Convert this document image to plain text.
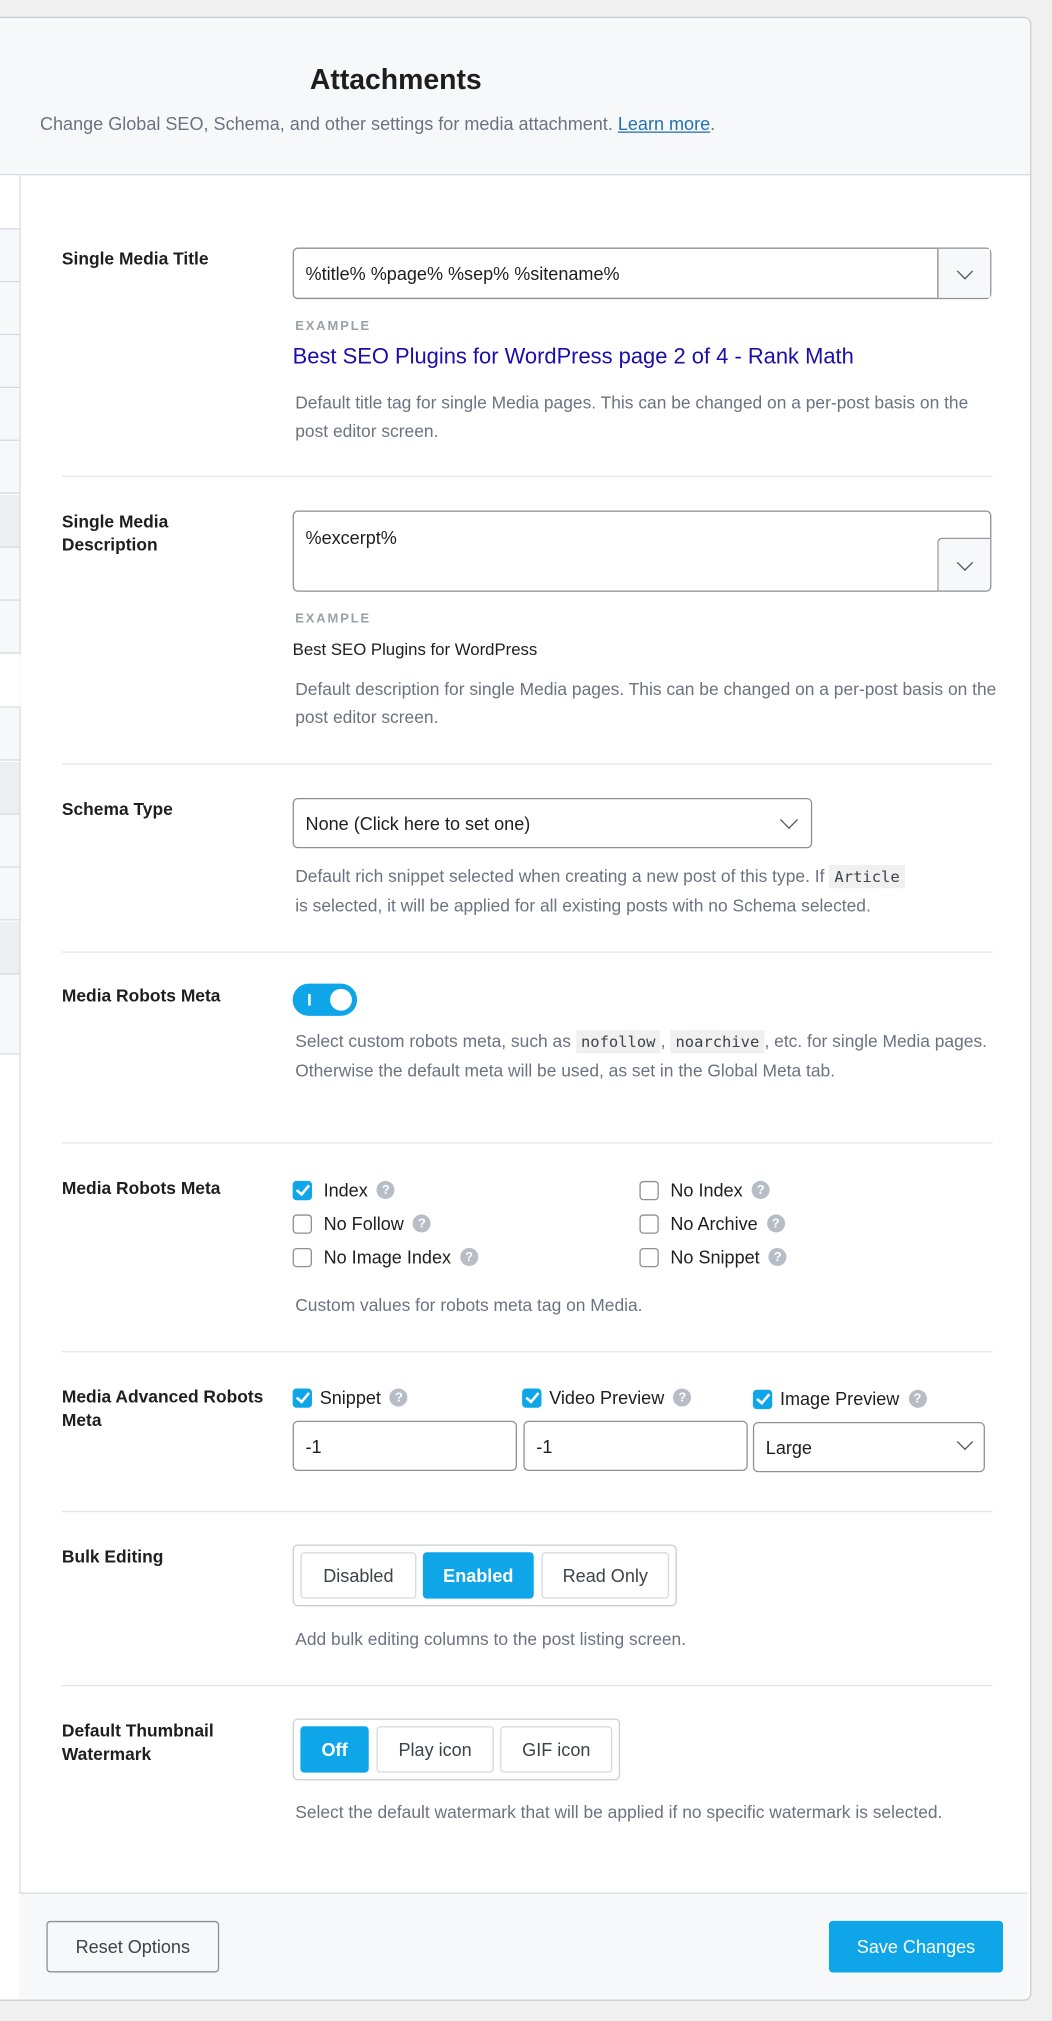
Attachments
Change Global SEO, Schema, and other settings for media attachment. Learn more.
Single Media Title
%title% %page% %sep% %sitename%
EXAMPLE
Best SEO Plugins for WordPress page 2 of 4 - Rank Math
Default title tag for single Media pages. This can be changed on a per-post basis on the post editor screen.
Single Media Description	%excerpt%
EXAMPLE
Best SEO Plugins for WordPress
Default description for single Media pages. This can be changed on a per-post basis on the post editor screen.
Schema Type
None (Click here to set one)
Default rich snippet selected when creating a new post of this type. If Article
is selected, it will be applied for all existing posts with no Schema selected.
Media Robots Meta
Select custom robots meta, such as nofollow , noarchive , etc. for single Media pages. Otherwise the default meta will be used, as set in the Global Meta tab.
Media Robots Meta	Index	?	No Index	?
No Follow	?	No Archive	?
No Image Index	?	No Snippet	?
Custom values for robots meta tag on Media.
Media Advanced Robots Meta
Snippet	?	Video Preview	?	Image Preview	?
-1	-1	Large
Bulk Editing
Disabled	Enabled	Read Only
Add bulk editing columns to the post listing screen.
Default Thumbnail Watermark	Off	Play icon	GIF icon
Select the default watermark that will be applied if no specific watermark is selected.
Reset Options	Save Changes
